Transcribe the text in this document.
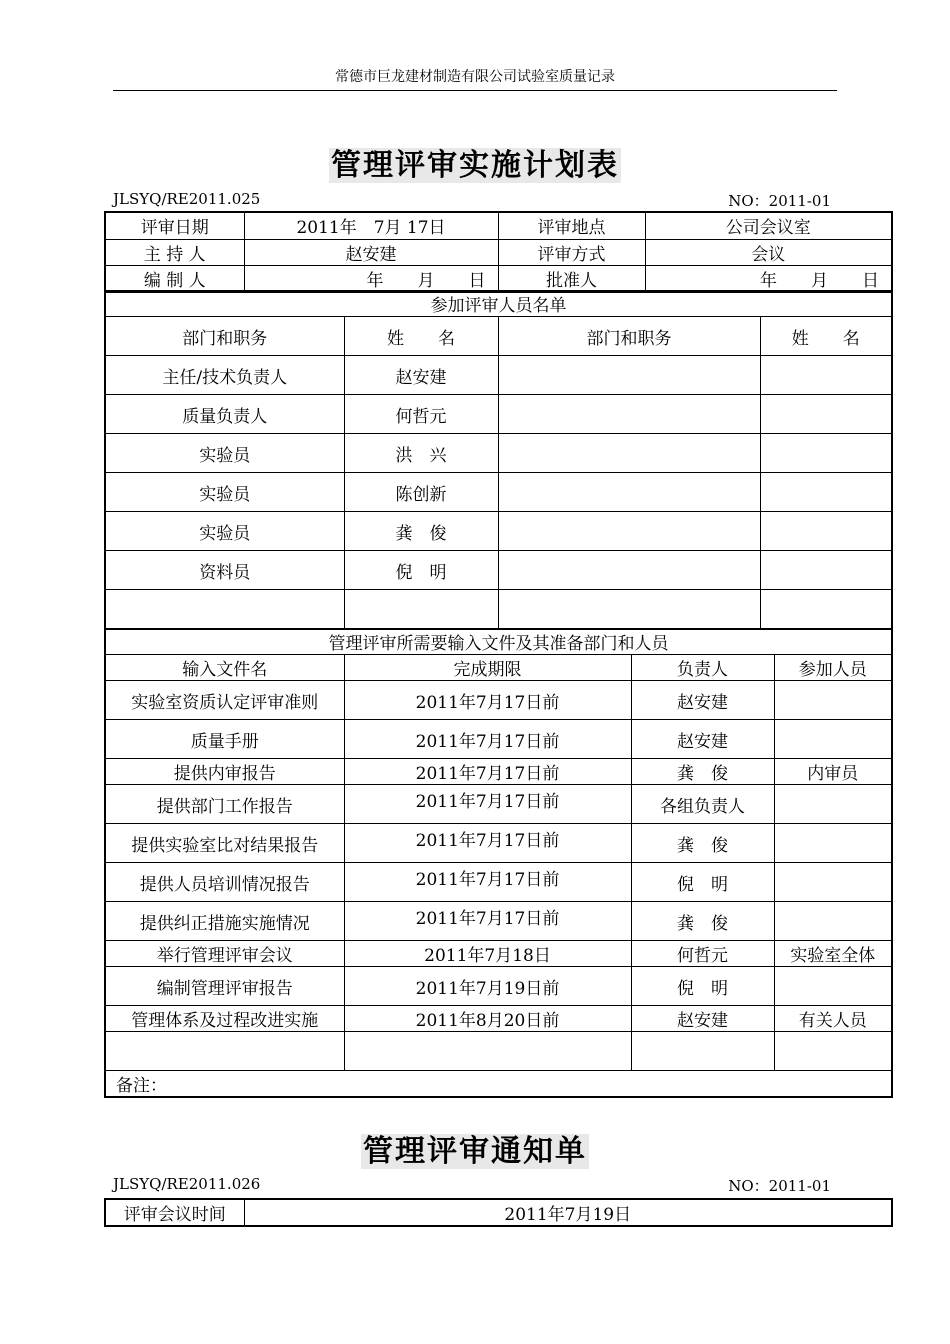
常德市巨龙建材制造有限公司试验室质量记录
管理评审实施计划表
JLSYQ/RE2011.025	NO：2011-01
评审日期	2011年　7月 17日	评审地点	公司会议室
主 持 人	赵安建	评审方式	会议
编 制 人	年　　月　　日	批准人	年　　月　　日
参加评审人员名单			
部门和职务	姓　　名	部门和职务	姓　　名
主任/技术负责人	赵安建		
质量负责人	何哲元		
实验员	洪　兴		
实验员	陈创新		
实验员	龚　俊		
资料员	倪　明		

管理评审所需要输入文件及其准备部门和人员			
输入文件名	完成期限	负责人	参加人员
实验室资质认定评审准则	2011年7月17日前	赵安建	
质量手册	2011年7月17日前	赵安建	
提供内审报告	2011年7月17日前	龚　俊	内审员
提供部门工作报告	2011年7月17日前	各组负责人	
提供实验室比对结果报告	2011年7月17日前	龚　俊	
提供人员培训情况报告	2011年7月17日前	倪　明	
提供纠正措施实施情况	2011年7月17日前	龚　俊	
举行管理评审会议	2011年7月18日	何哲元	实验室全体
编制管理评审报告	2011年7月19日前	倪　明	
管理体系及过程改进实施	2011年8月20日前	赵安建	有关人员

备注：			
管理评审通知单
JLSYQ/RE2011.026	NO：2011-01
评审会议时间	2011年7月19日
